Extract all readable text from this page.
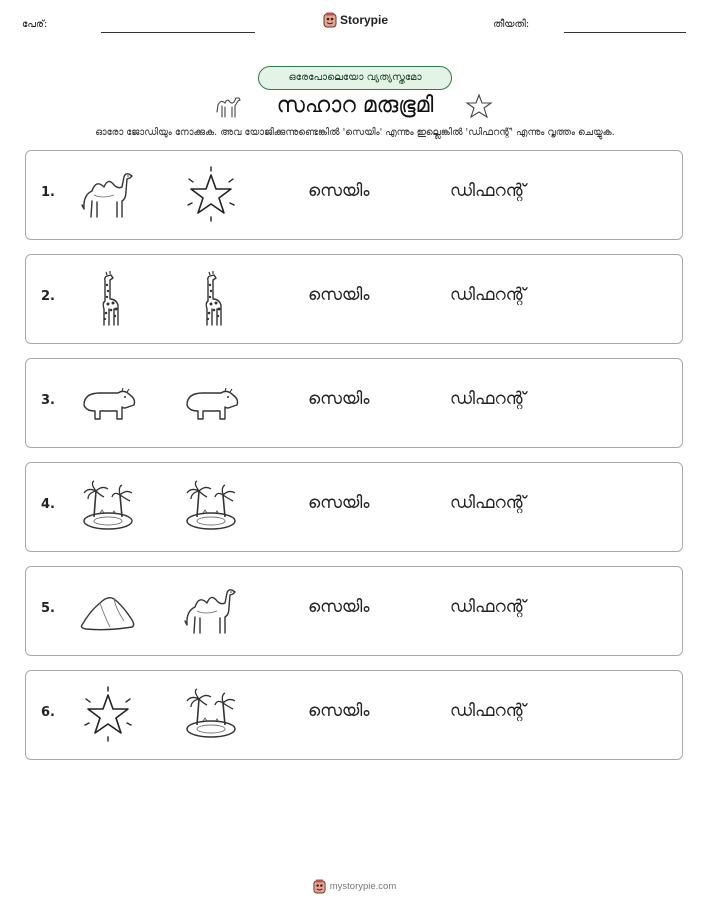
പേര്:	Storypie	തീയതി:
ഒരേപോലെയോ വ്യത്യസ്തമോ
സഹാറ മരുഭൂമി
ഓരോ ജോഡിയും നോക്കുക. അവ യോജിക്കുന്നുണ്ടെങ്കിൽ 'സെയിം' എന്നും ഇല്ലെങ്കിൽ 'ഡിഫറന്റ്' എന്നും വൃത്തം ചെയ്യുക.
1.	സെയിം	ഡിഫറന്റ്
2.	സെയിം	ഡിഫറന്റ്
3.	സെയിം	ഡിഫറന്റ്
4.	സെയിം	ഡിഫറന്റ്
5.	സെയിം	ഡിഫറന്റ്
6.	സെയിം	ഡിഫറന്റ്
mystorypie.com
